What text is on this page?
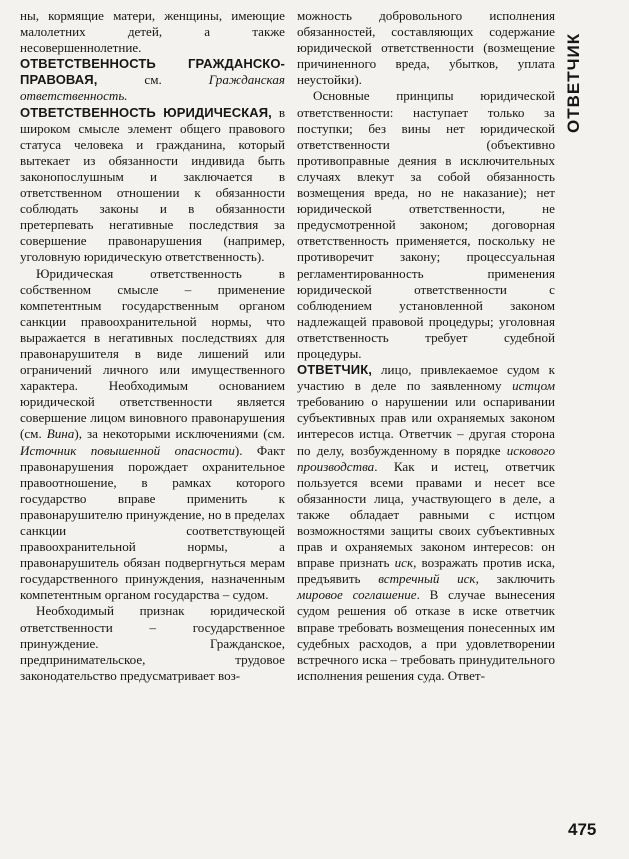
ны, кормящие матери, женщины, имеющие малолетних детей, а также несовершеннолетние.

ОТВЕТСТВЕННОСТЬ ГРАЖДАНСКО-ПРАВОВАЯ, см. Гражданская ответственность.

ОТВЕТСТВЕННОСТЬ ЮРИДИЧЕСКАЯ, в широком смысле элемент общего правового статуса человека и гражданина, который вытекает из обязанности индивида быть законопослушным и заключается в ответственном отношении к обязанности соблюдать законы и в обязанности претерпевать негативные последствия за совершение правонарушения (например, уголовную юридическую ответственность).

Юридическая ответственность в собственном смысле – применение компетентным государственным органом санкции правоохранительной нормы, что выражается в негативных последствиях для правонарушителя в виде лишений или ограничений личного или имущественного характера. Необходимым основанием юридической ответственности является совершение лицом виновного правонарушения (см. Вина), за некоторыми исключениями (см. Источник повышенной опасности). Факт правонарушения порождает охранительное правоотношение, в рамках которого государство вправе применить к правонарушителю принуждение, но в пределах санкции соответствующей правоохранительной нормы, а правонарушитель обязан подвергнуться мерам государственного принуждения, назначенным компетентным органом государства – судом.

Необходимый признак юридической ответственности – государственное принуждение. Гражданское, предпринимательское, трудовое законодательство предусматривает воз-

можность добровольного исполнения обязанностей, составляющих содержание юридической ответственности (возмещение причиненного вреда, убытков, уплата неустойки).

Основные принципы юридической ответственности: наступает только за поступки; без вины нет юридической ответственности (объективно противоправные деяния в исключительных случаях влекут за собой обязанность возмещения вреда, но не наказание); нет юридической ответственности, не предусмотренной законом; договорная ответственность применяется, поскольку не противоречит закону; процессуальная регламентированность применения юридической ответственности с соблюдением установленной законом надлежащей правовой процедуры; уголовная ответственность требует судебной процедуры.

ОТВЕТЧИК, лицо, привлекаемое судом к участию в деле по заявленному истцом требованию о нарушении или оспаривании субъективных прав или охраняемых законом интересов истца. Ответчик – другая сторона по делу, возбужденному в порядке искового производства. Как и истец, ответчик пользуется всеми правами и несет все обязанности лица, участвующего в деле, а также обладает равными с истцом возможностями защиты своих субъективных прав и охраняемых законом интересов: он вправе признать иск, возражать против иска, предъявить встречный иск, заключить мировое соглашение. В случае вынесения судом решения об отказе в иске ответчик вправе требовать возмещения понесенных им судебных расходов, а при удовлетворении встречного иска – требовать принудительного исполнения решения суда. Ответ-

ОТВЕТЧИК
475
